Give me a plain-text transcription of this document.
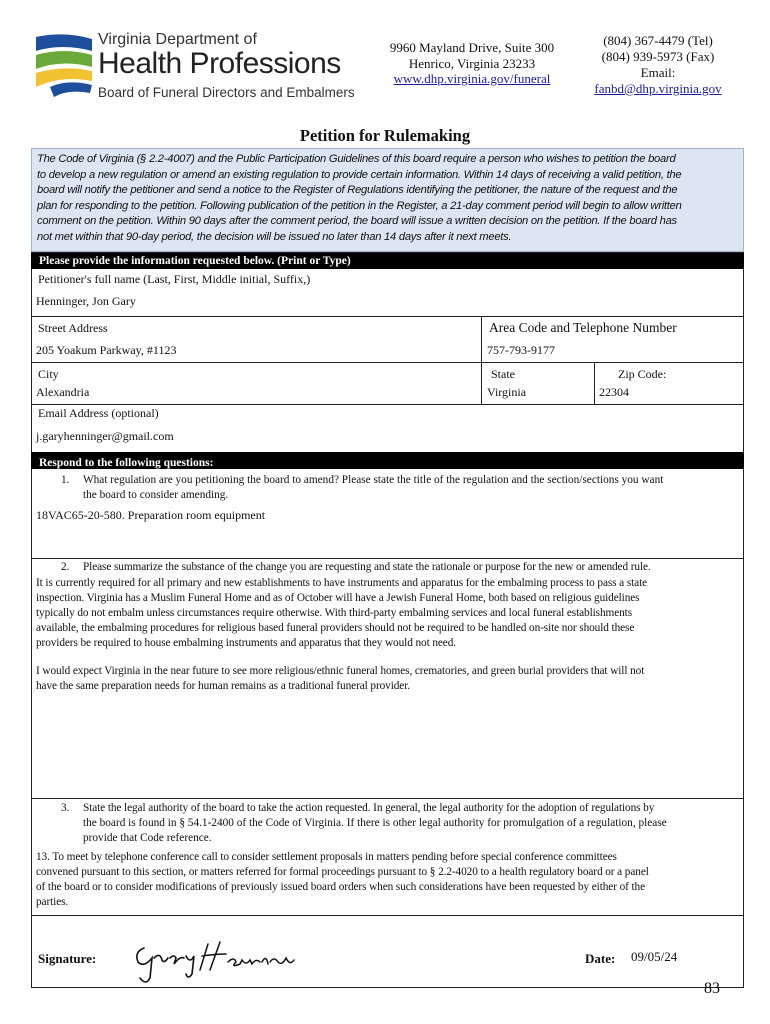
Virginia Department of
Health Professions
Board of Funeral Directors and Embalmers
9960 Mayland Drive, Suite 300
Henrico, Virginia 23233
www.dhp.virginia.gov/funeral
(804) 367-4479 (Tel)
(804) 939-5973 (Fax)
Email:
fanbd@dhp.virginia.gov
Petition for Rulemaking
The Code of Virginia (§ 2.2-4007) and the Public Participation Guidelines of this board require a person who wishes to petition the board
to develop a new regulation or amend an existing regulation to provide certain information. Within 14 days of receiving a valid petition, the
board will notify the petitioner and send a notice to the Register of Regulations identifying the petitioner, the nature of the request and the
plan for responding to the petition. Following publication of the petition in the Register, a 21-day comment period will begin to allow written
comment on the petition. Within 90 days after the comment period, the board will issue a written decision on the petition. If the board has
not met within that 90-day period, the decision will be issued no later than 14 days after it next meets.
Please provide the information requested below. (Print or Type)
Petitioner's full name (Last, First, Middle initial, Suffix,)
Henninger, Jon Gary
Street Address
205 Yoakum Parkway, #1123
Area Code and Telephone Number
757-793-9177
City
Alexandria
State
Virginia
Zip Code:
22304
Email Address (optional)
j.garyhenninger@gmail.com
Respond to the following questions:
1. What regulation are you petitioning the board to amend? Please state the title of the regulation and the section/sections you want
the board to consider amending.
18VAC65-20-580. Preparation room equipment
2. Please summarize the substance of the change you are requesting and state the rationale or purpose for the new or amended rule.
It is currently required for all primary and new establishments to have instruments and apparatus for the embalming process to pass a state
inspection. Virginia has a Muslim Funeral Home and as of October will have a Jewish Funeral Home, both based on religious guidelines
typically do not embalm unless circumstances require otherwise. With third-party embalming services and local funeral establishments
available, the embalming procedures for religious based funeral providers should not be required to be handled on-site nor should these
providers be required to house embalming instruments and apparatus that they would not need.
I would expect Virginia in the near future to see more religious/ethnic funeral homes, crematories, and green burial providers that will not
have the same preparation needs for human remains as a traditional funeral provider.
3. State the legal authority of the board to take the action requested. In general, the legal authority for the adoption of regulations by
the board is found in § 54.1-2400 of the Code of Virginia. If there is other legal authority for promulgation of a regulation, please
provide that Code reference.
13. To meet by telephone conference call to consider settlement proposals in matters pending before special conference committees
convened pursuant to this section, or matters referred for formal proceedings pursuant to § 2.2-4020 to a health regulatory board or a panel
of the board or to consider modifications of previously issued board orders when such considerations have been requested by either of the
parties.
Signature:	Date: 09/05/24
83
